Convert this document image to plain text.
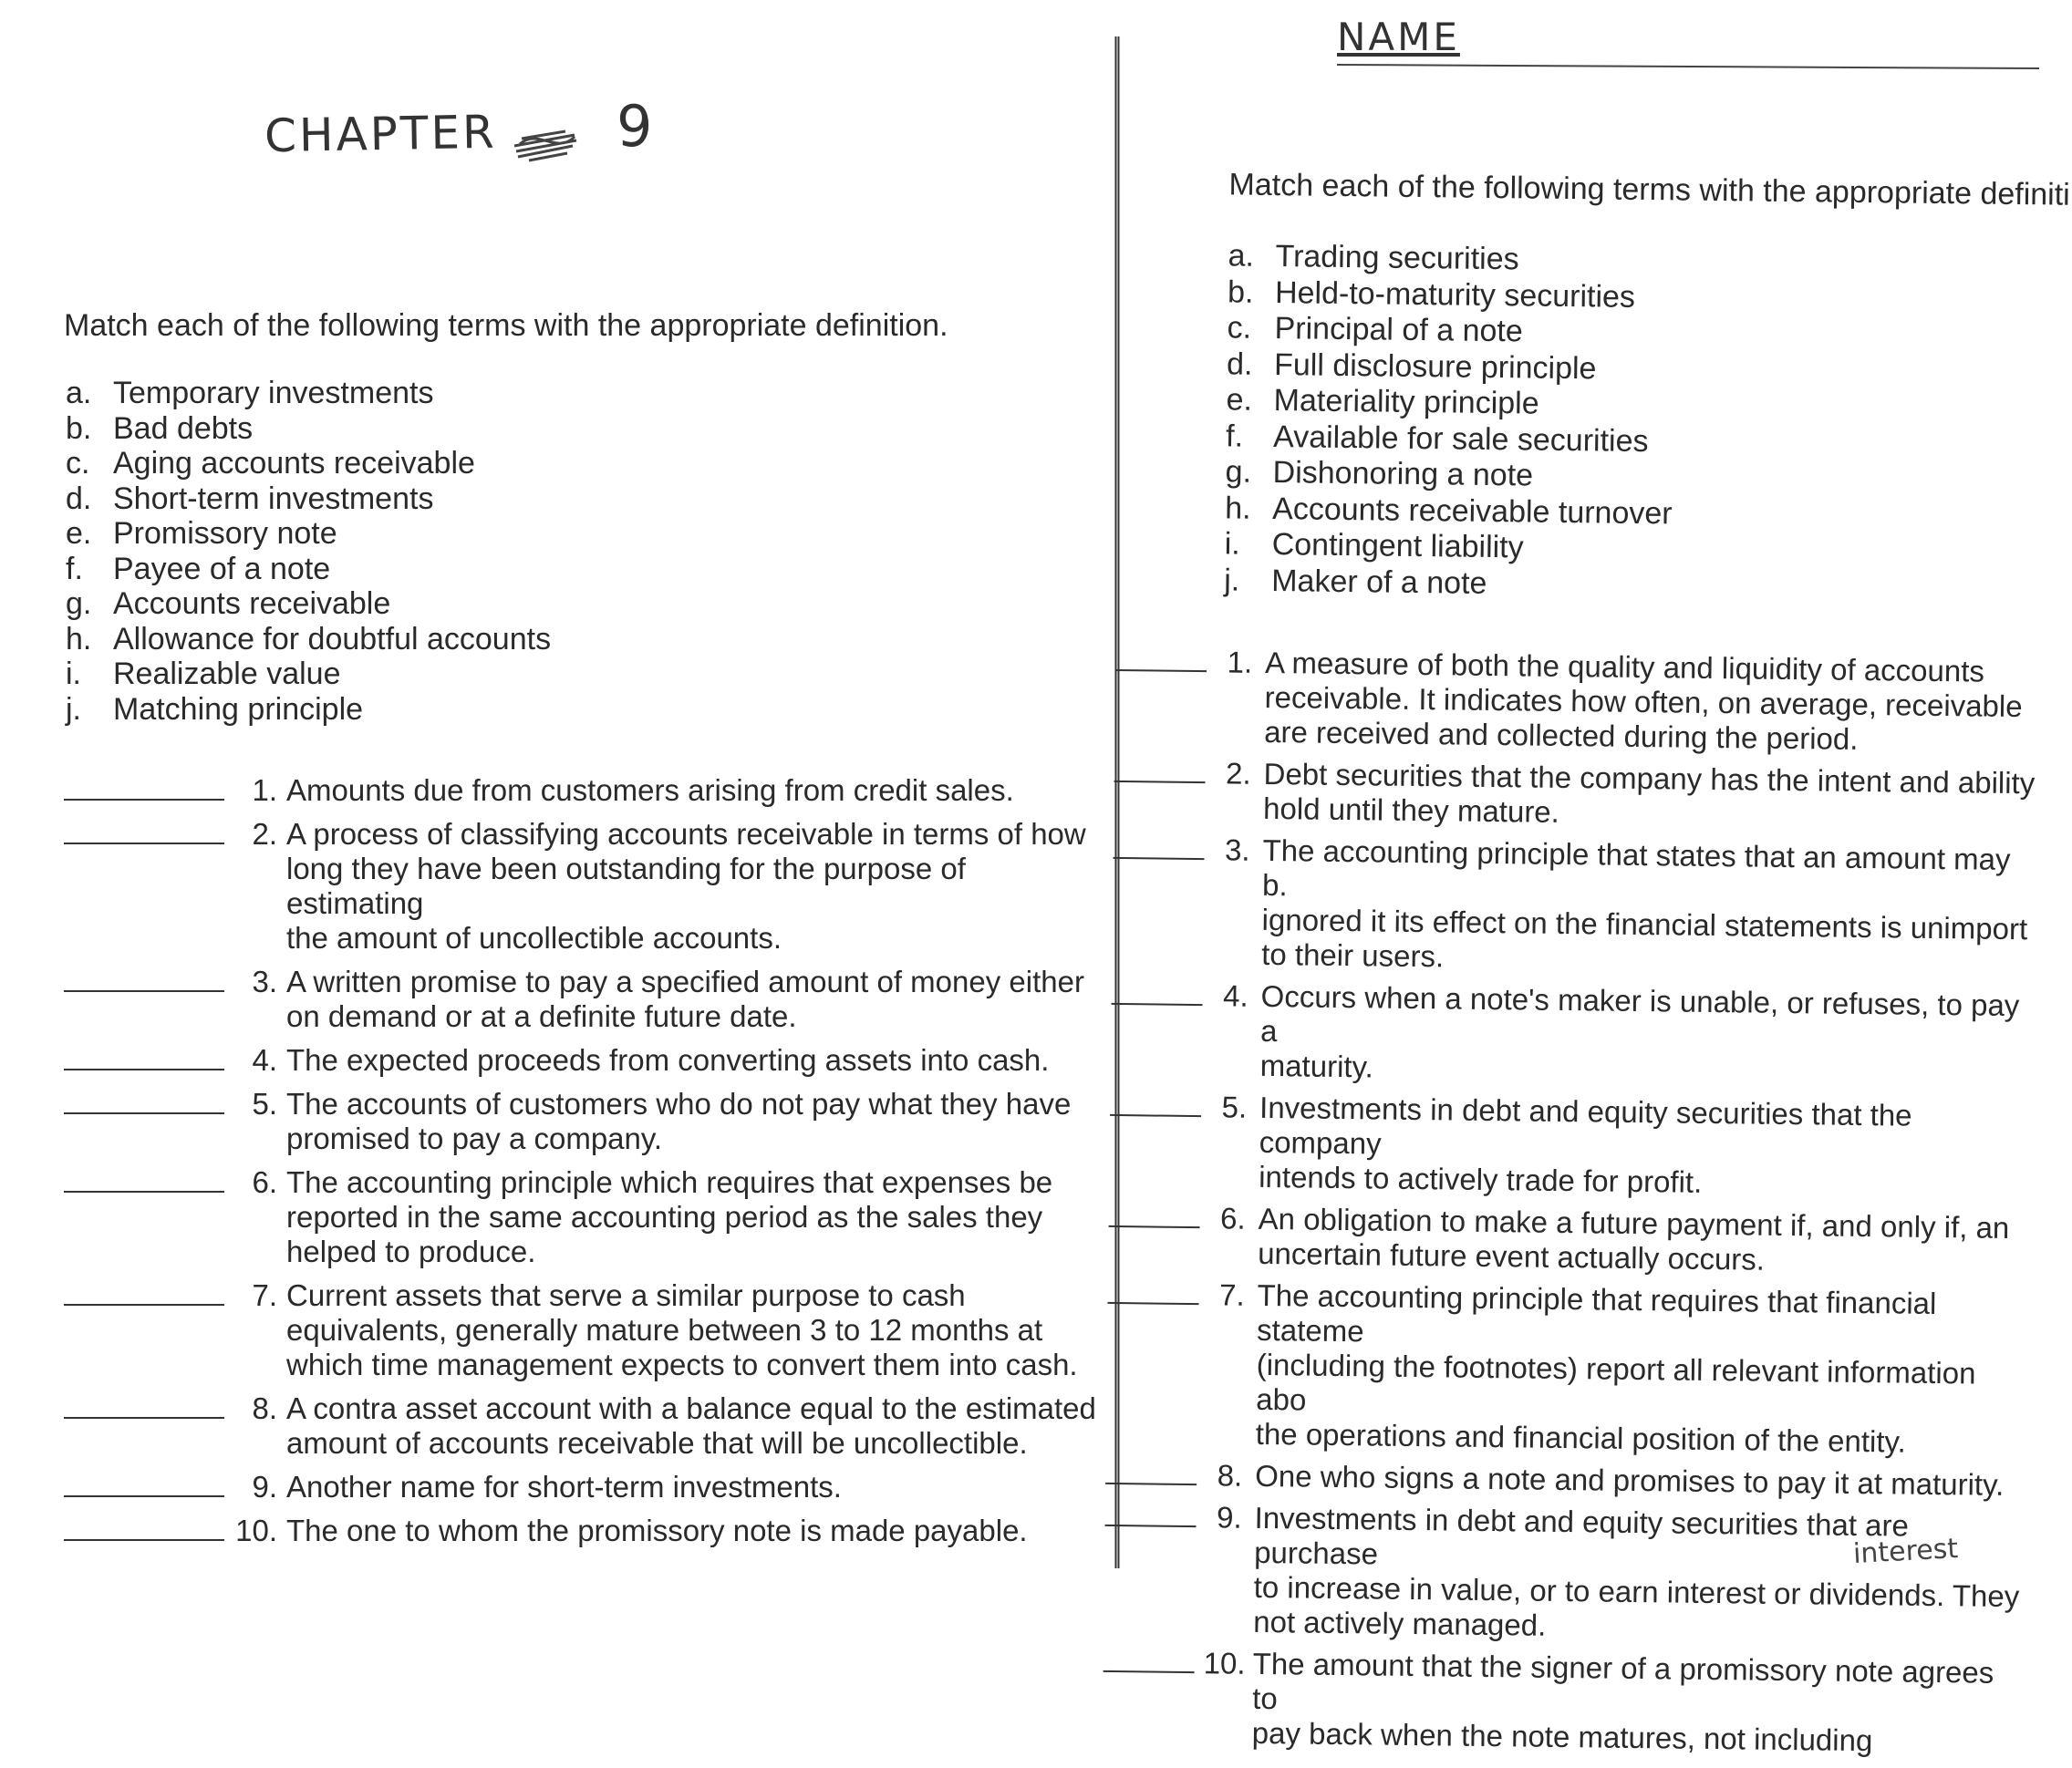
CHAPTER 9
NAME
Match each of the following terms with the appropriate definition.
a. Temporary investments
b. Bad debts
c. Aging accounts receivable
d. Short-term investments
e. Promissory note
f. Payee of a note
g. Accounts receivable
h. Allowance for doubtful accounts
i. Realizable value
j. Matching principle
1. Amounts due from customers arising from credit sales.
2. A process of classifying accounts receivable in terms of how
long they have been outstanding for the purpose of estimating
the amount of uncollectible accounts.
3. A written promise to pay a specified amount of money either
on demand or at a definite future date.
4. The expected proceeds from converting assets into cash.
5. The accounts of customers who do not pay what they have
promised to pay a company.
6. The accounting principle which requires that expenses be
reported in the same accounting period as the sales they
helped to produce.
7. Current assets that serve a similar purpose to cash
equivalents, generally mature between 3 to 12 months at
which time management expects to convert them into cash.
8. A contra asset account with a balance equal to the estimated
amount of accounts receivable that will be uncollectible.
9. Another name for short-term investments.
10. The one to whom the promissory note is made payable.
Match each of the following terms with the appropriate definiti
a. Trading securities
b. Held-to-maturity securities
c. Principal of a note
d. Full disclosure principle
e. Materiality principle
f. Available for sale securities
g. Dishonoring a note
h. Accounts receivable turnover
i. Contingent liability
j. Maker of a note
1. A measure of both the quality and liquidity of accounts
receivable. It indicates how often, on average, receivable
are received and collected during the period.
2. Debt securities that the company has the intent and ability
hold until they mature.
3. The accounting principle that states that an amount may b.
ignored it its effect on the financial statements is unimport
to their users.
4. Occurs when a note's maker is unable, or refuses, to pay a
maturity.
5. Investments in debt and equity securities that the company
intends to actively trade for profit.
6. An obligation to make a future payment if, and only if, an
uncertain future event actually occurs.
7. The accounting principle that requires that financial stateme
(including the footnotes) report all relevant information abo
the operations and financial position of the entity.
8. One who signs a note and promises to pay it at maturity.
9. Investments in debt and equity securities that are purchase
to increase in value, or to earn interest or dividends. They
not actively managed.
10. The amount that the signer of a promissory note agrees to
pay back when the note matures, not including
interest
